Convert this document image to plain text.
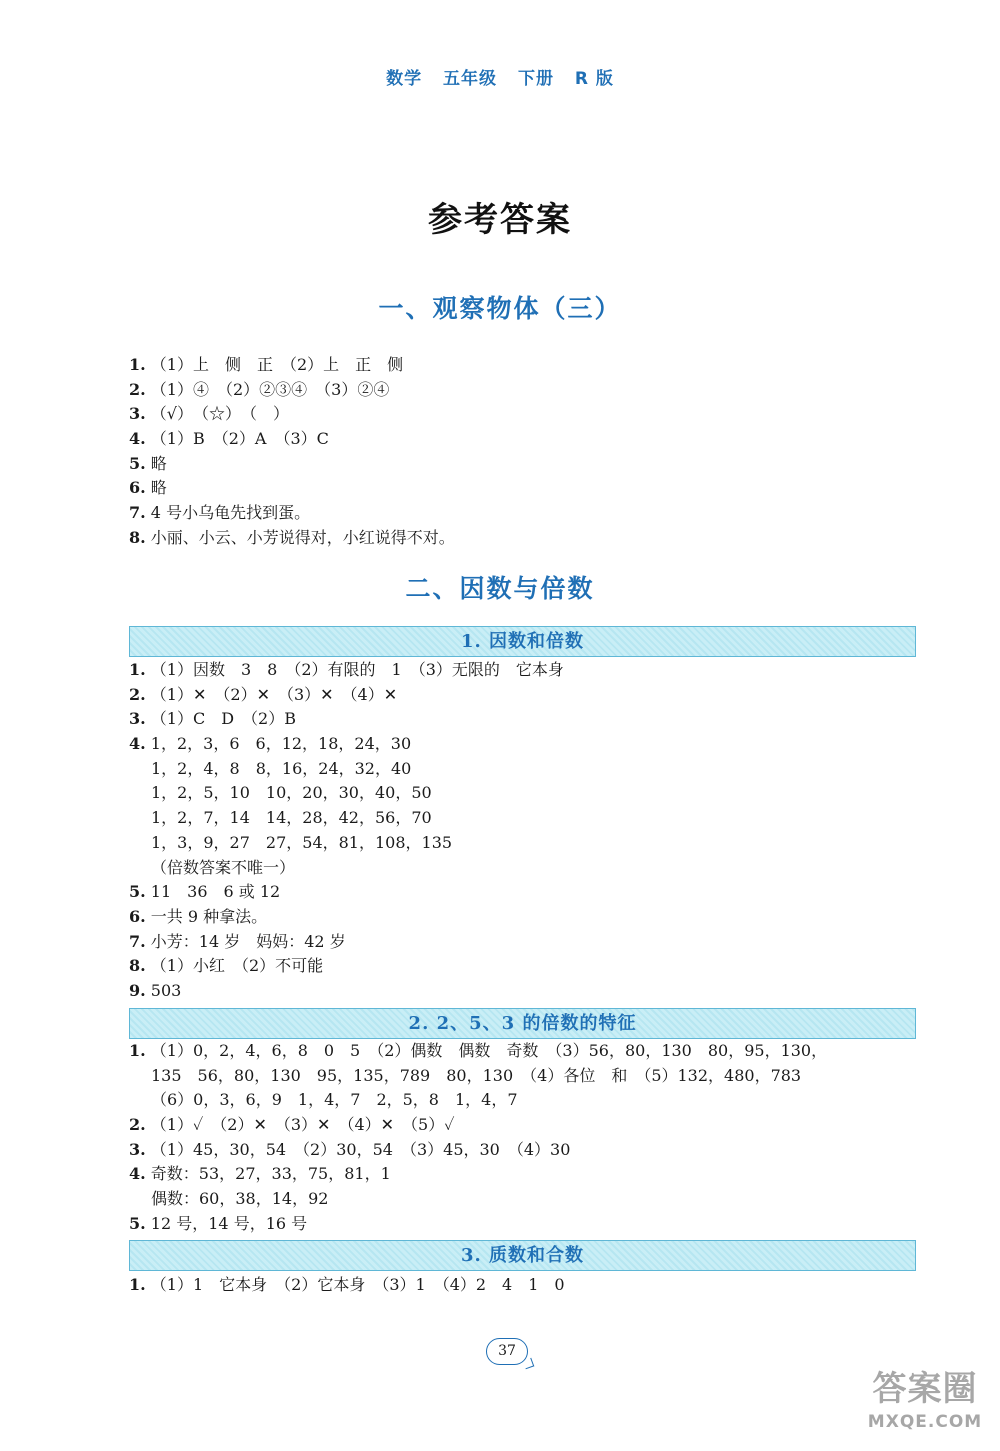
数学 五年级 下册 R 版
参考答案
一、观察物体（三）
1. （1）上　侧　正　（2）上　正　侧
2. （1）④　（2）②③④　（3）②④
3. （√）　（☆）　（　）
4. （1）B　（2）A　（3）C
5. 略
6. 略
7. 4 号小乌龟先找到蛋。
8. 小丽、小云、小芳说得对，小红说得不对。
二、因数与倍数
1. 因数和倍数
1. （1）因数　3　8　（2）有限的　1　（3）无限的　它本身
2. （1）✕　（2）✕　（3）✕　（4）✕
3. （1）C　D　（2）B
4. 1，2，3，6　6，12，18，24，30
1，2，4，8　8，16，24，32，40
1，2，5，10　10，20，30，40，50
1，2，7，14　14，28，42，56，70
1，3，9，27　27，54，81，108，135
（倍数答案不唯一）
5. 11　36　6 或 12
6. 一共 9 种拿法。
7. 小芳：14 岁　妈妈：42 岁
8. （1）小红　（2）不可能
9. 503
2. 2、5、3 的倍数的特征
1. （1）0，2，4，6，8　0　5　（2）偶数　偶数　奇数　（3）56，80，130　80，95，130，
135　56，80，130　95，135，789　80，130　（4）各位　和　（5）132，480，783
（6）0，3，6，9　1，4，7　2，5，8　1，4，7
2. （1）✓　（2）✕　（3）✕　（4）✕　（5）✓
3. （1）45，30，54　（2）30，54　（3）45，30　（4）30
4. 奇数：53，27，33，75，81，1
偶数：60，38，14，92
5. 12 号，14 号，16 号
3. 质数和合数
1. （1）1　它本身　（2）它本身　（3）1　（4）2　4　1　0
37
答案圈
MXQE.COM
